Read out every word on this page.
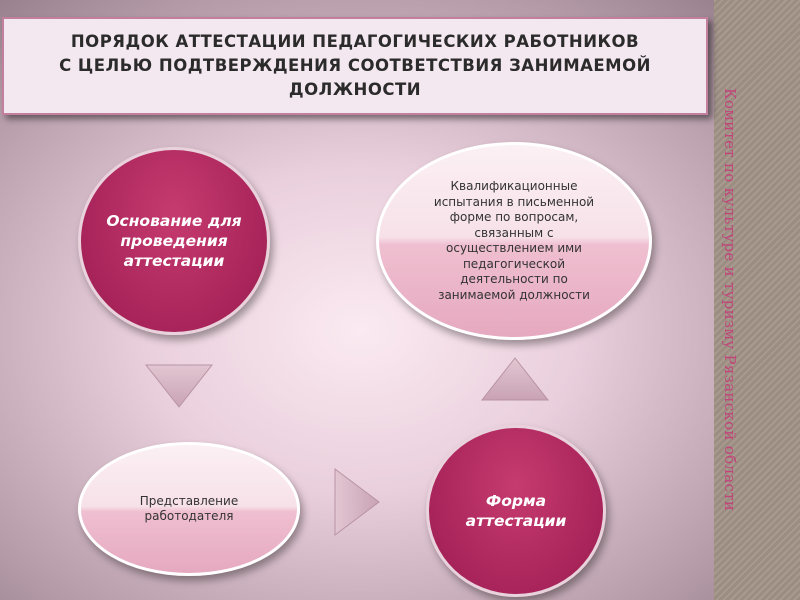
Комитет по культуре и туризму Рязанской области
ПОРЯДОК АТТЕСТАЦИИ ПЕДАГОГИЧЕСКИХ РАБОТНИКОВ
С ЦЕЛЬЮ ПОДТВЕРЖДЕНИЯ СООТВЕТСТВИЯ ЗАНИМАЕМОЙ
ДОЛЖНОСТИ
Основание для
проведения
аттестации
Квалификационные
испытания в письменной
форме по вопросам,
связанным с
осуществлением ими
педагогической
деятельности по
занимаемой должности
Представление
работодателя
Форма
аттестации
